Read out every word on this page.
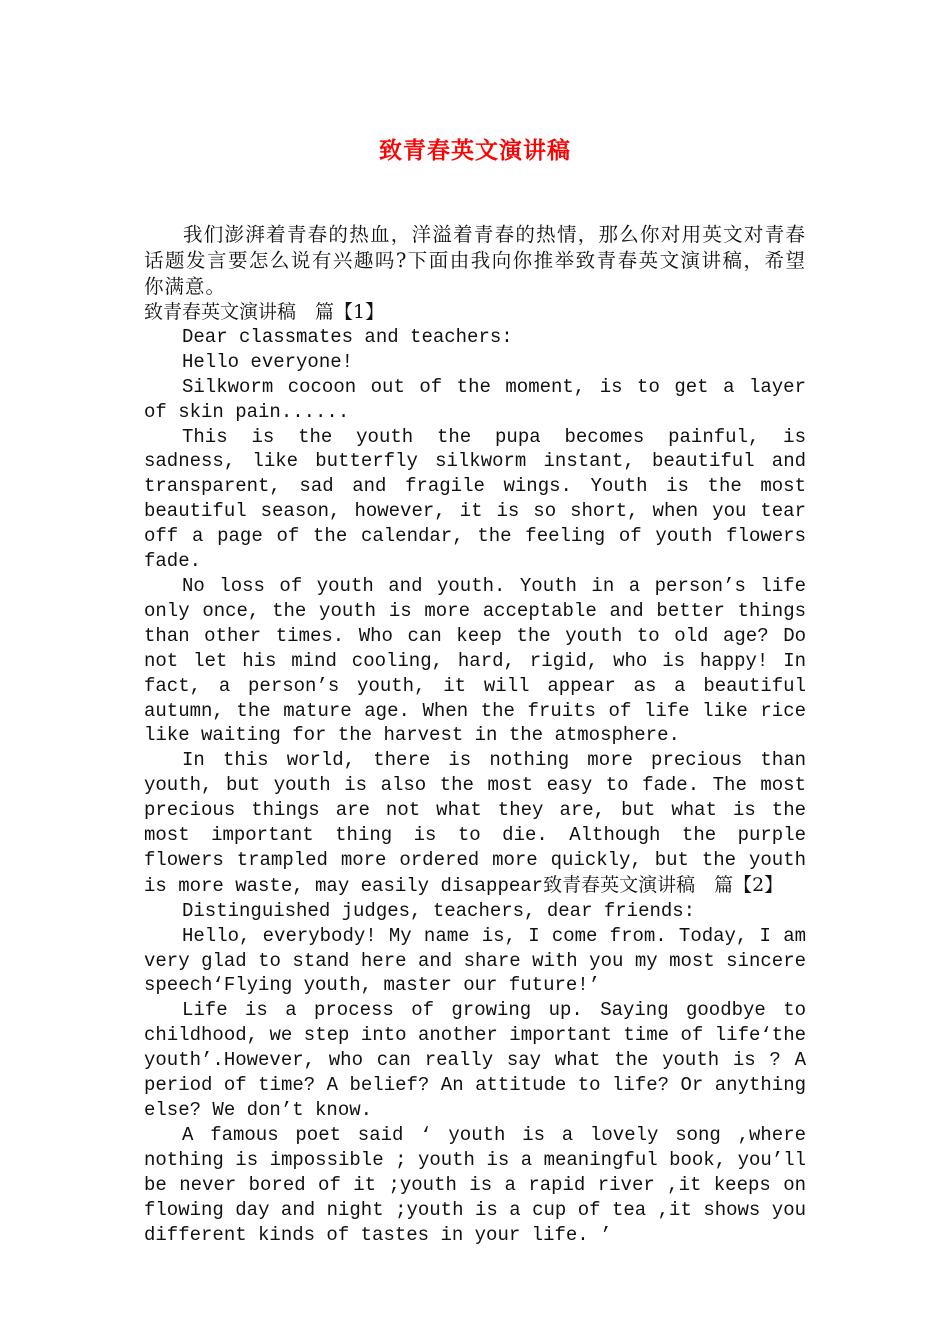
致青春英文演讲稿

我们澎湃着青春的热血，洋溢着青春的热情，那么你对用英文对青春话题发言要怎么说有兴趣吗?下面由我向你推举致青春英文演讲稿，希望你满意。

致青春英文演讲稿　篇【1】

Dear classmates and teachers:

Hello everyone!

Silkworm cocoon out of the moment, is to get a layer of skin pain......

This is the youth the pupa becomes painful, is sadness, like butterfly silkworm instant, beautiful and transparent, sad and fragile wings. Youth is the most beautiful season, however, it is so short, when you tear off a page of the calendar, the feeling of youth flowers fade.

No loss of youth and youth. Youth in a person’s life only once, the youth is more acceptable and better things than other times. Who can keep the youth to old age? Do not let his mind cooling, hard, rigid, who is happy! In fact, a person’s youth, it will appear as a beautiful autumn, the mature age. When the fruits of life like rice like waiting for the harvest in the atmosphere.

In this world, there is nothing more precious than youth, but youth is also the most easy to fade. The most precious things are not what they are, but what is the most important thing is to die. Although the purple flowers trampled more ordered more quickly, but the youth is more waste, may easily disappear致青春英文演讲稿　篇【2】

Distinguished judges, teachers, dear friends:

Hello, everybody! My name is, I come from. Today, I am very glad to stand here and share with you my most sincere speech‘Flying youth, master our future!’

Life is a process of growing up. Saying goodbye to childhood, we step into another important time of life‘the youth’.However, who can really say what the youth is ? A period of time? A belief? An attitude to life? Or anything else? We don’t know.

A famous poet said ‘ youth is a lovely song ,where nothing is impossible ; youth is a meaningful book, you’ll be never bored of it ;youth is a rapid river ,it keeps on flowing day and night ;youth is a cup of tea ,it shows you different kinds of tastes in your life. ’
